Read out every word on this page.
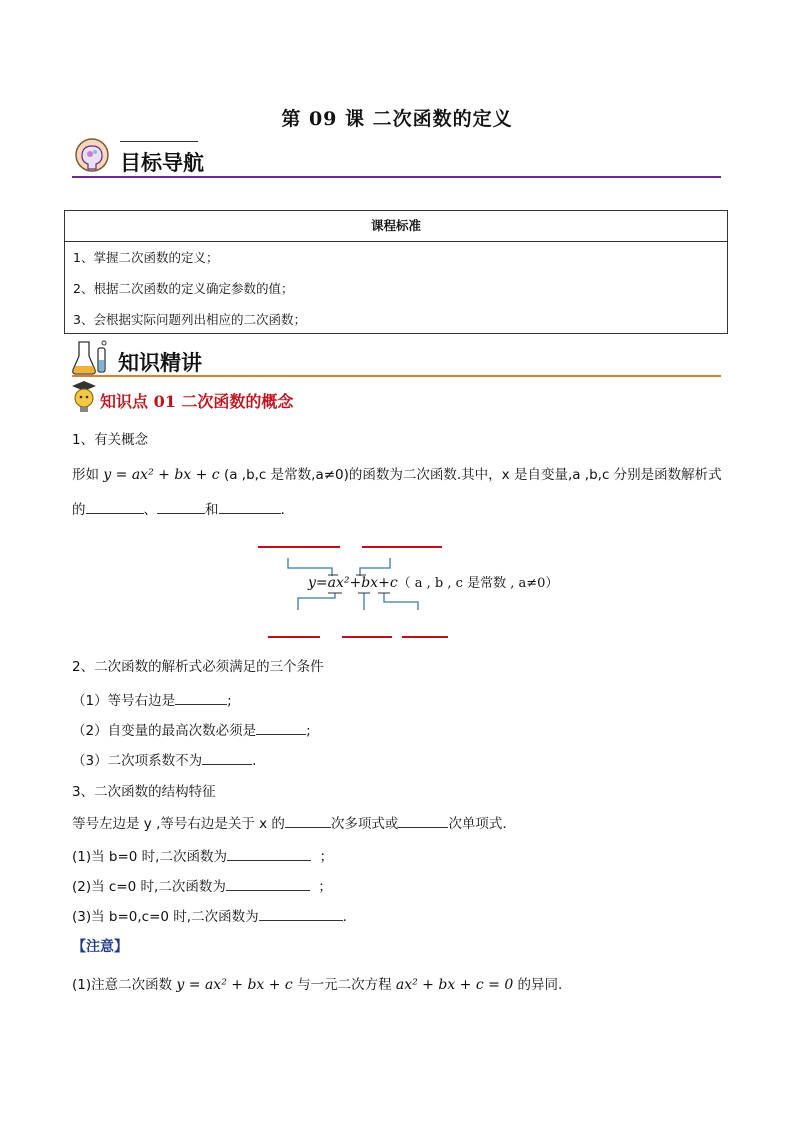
第 09 课 二次函数的定义
目标导航
课程标准
1、掌握二次函数的定义；
2、根据二次函数的定义确定参数的值；
3、会根据实际问题列出相应的二次函数；
知识精讲
知识点 01 二次函数的概念
1、有关概念
形如 y = ax² + bx + c (a ,b,c 是常数,a≠0)的函数为二次函数.其中，x 是自变量,a ,b,c 分别是函数解析式
的	、	和	.
y=ax²+bx+c（ a , b , c 是常数 , a≠0）
2、二次函数的解析式必须满足的三个条件
（1）等号右边是	;
（2）自变量的最高次数必须是	;
（3）二次项系数不为	.
3、二次函数的结构特征
等号左边是 y ,等号右边是关于 x 的	次多项式或	次单项式.
(1)当 b=0 时,二次函数为	；
(2)当 c=0 时,二次函数为	；
(3)当 b=0,c=0 时,二次函数为	.
【注意】
(1)注意二次函数 y = ax² + bx + c 与一元二次方程 ax² + bx + c = 0 的异同.
